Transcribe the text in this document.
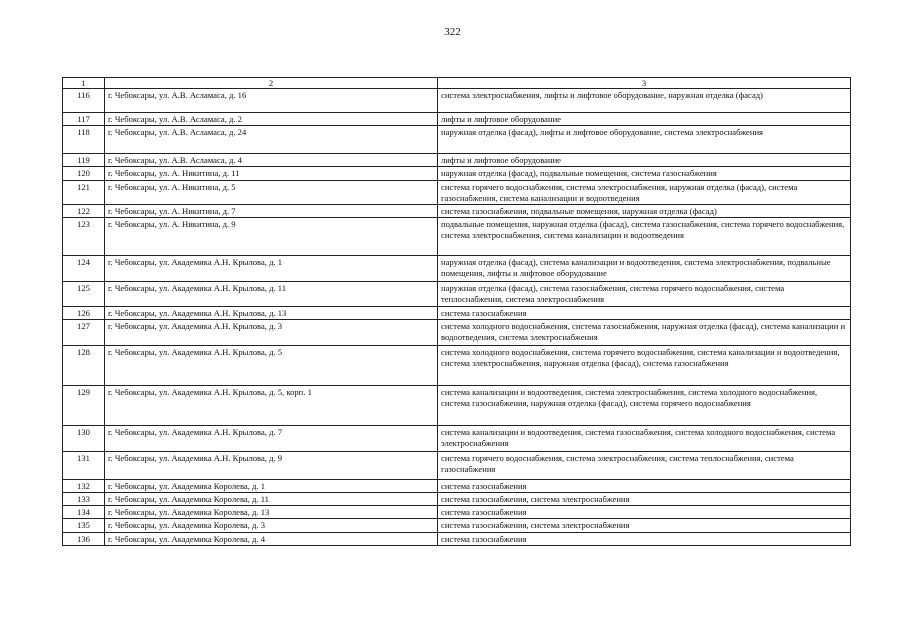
322
1	2	3
116	г. Чебоксары, ул. А.В. Асламаса, д. 16	система электроснабжения, лифты и лифтовое оборудование, наружная отделка (фасад)
117	г. Чебоксары, ул. А.В. Асламаса, д. 2	лифты и лифтовое оборудование
118	г. Чебоксары, ул. А.В. Асламаса, д. 24	наружная отделка (фасад), лифты и лифтовое оборудование, система электроснабжения
119	г. Чебоксары, ул. А.В. Асламаса, д. 4	лифты и лифтовое оборудование
120	г. Чебоксары, ул. А. Никитина, д. 11	наружная отделка (фасад), подвальные помещения, система газоснабжения
121	г. Чебоксары, ул. А. Никитина, д. 5	система горячего водоснабжения, система электроснабжения, наружная отделка (фасад), система газоснабжения, система канализации и водоотведения
122	г. Чебоксары, ул. А. Никитина, д. 7	система газоснабжения, подвальные помещения, наружная отделка (фасад)
123	г. Чебоксары, ул. А. Никитина, д. 9	подвальные помещения, наружная отделка (фасад), система газоснабжения, система горячего водоснабжения, система электроснабжения, система канализации и водоотведения
124	г. Чебоксары, ул. Академика А.Н. Крылова, д. 1	наружная отделка (фасад), система канализации и водоотведения, система электроснабжения, подвальные помещения, лифты и лифтовое оборудование
125	г. Чебоксары, ул. Академика А.Н. Крылова, д. 11	наружная отделка (фасад), система газоснабжения, система горячего водоснабжения, система теплоснабжения, система электроснабжения
126	г. Чебоксары, ул. Академика А.Н. Крылова, д. 13	система газоснабжения
127	г. Чебоксары, ул. Академика А.Н. Крылова, д. 3	система холодного водоснабжения, система газоснабжения, наружная отделка (фасад), система канализации и водоотведения, система электроснабжения
128	г. Чебоксары, ул. Академика А.Н. Крылова, д. 5	система холодного водоснабжения, система горячего водоснабжения, система канализации и водоотведения, система электроснабжения, наружная отделка (фасад), система газоснабжения
129	г. Чебоксары, ул. Академика А.Н. Крылова, д. 5, корп. 1	система канализации и водоотведения, система электроснабжения, система холодного водоснабжения, система газоснабжения, наружная отделка (фасад), система горячего водоснабжения
130	г. Чебоксары, ул. Академика А.Н. Крылова, д. 7	система канализации и водоотведения, система газоснабжения, система холодного водоснабжения, система электроснабжения
131	г. Чебоксары, ул. Академика А.Н. Крылова, д. 9	система горячего водоснабжения, система электроснабжения, система теплоснабжения, система газоснабжения
132	г. Чебоксары, ул. Академика Королева, д. 1	система газоснабжения
133	г. Чебоксары, ул. Академика Королева, д. 11	система газоснабжения, система электроснабжения
134	г. Чебоксары, ул. Академика Королева, д. 13	система газоснабжения
135	г. Чебоксары, ул. Академика Королева, д. 3	система газоснабжения, система электроснабжения
136	г. Чебоксары, ул. Академика Королева, д. 4	система газоснабжения
